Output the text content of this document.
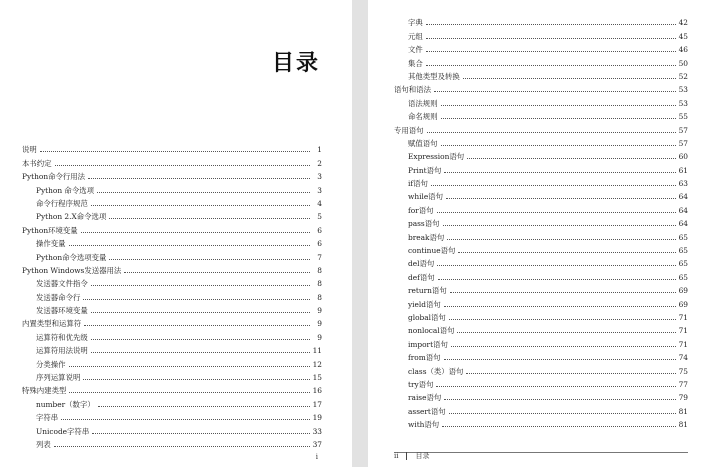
目录
说明	1
本书约定	2
Python命令行用法	3
Python 命令选项	3
命令行程序规范	4
Python 2.X命令选项	5
Python环境变量	6
操作变量	6
Python命令选项变量	7
Python Windows发送器用法	8
发送器文件指令	8
发送器命令行	8
发送器环境变量	9
内置类型和运算符	9
运算符和优先级	9
运算符用法说明	11
分类操作	12
序列运算说明	15
特殊内建类型	16
number（数字）	17
字符串	19
Unicode字符串	33
列表	37
i
字典	42
元组	45
文件	46
集合	50
其他类型及转换	52
语句和语法	53
语法规则	53
命名规则	55
专用语句	57
赋值语句	57
Expression语句	60
Print语句	61
if语句	63
while语句	64
for语句	64
pass语句	64
break语句	65
continue语句	65
del语句	65
def语句	65
return语句	69
yield语句	69
global语句	71
nonlocal语句	71
import语句	71
from语句	74
class（类）语句	75
try语句	77
raise语句	79
assert语句	81
with语句	81
ii 目录
